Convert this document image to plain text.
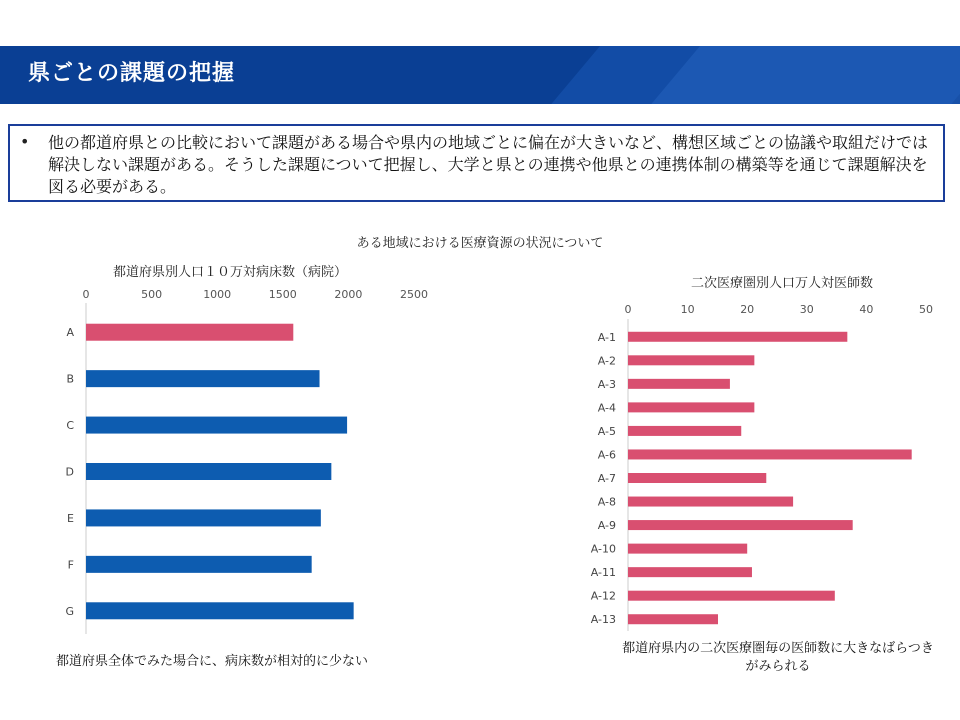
県ごとの課題の把握
• 他の都道府県との比較において課題がある場合や県内の地域ごとに偏在が大きいなど、構想区域ごとの協議や取組だけでは解決しない課題がある。そうした課題について把握し、大学と県との連携や他県との連携体制の構築等を通じて課題解決を図る必要がある。
ある地域における医療資源の状況について
都道府県別人口１０万対病床数（病院）
0	500	1000	1500	2000	2500
A
B
C
D
E
F
G
二次医療圏別人口万人対医師数
0	10	20	30	40	50
A-1
A-2
A-3
A-4
A-5
A-6
A-7
A-8
A-9
A-10
A-11
A-12
A-13
都道府県全体でみた場合に、病床数が相対的に少ない
都道府県内の二次医療圏毎の医師数に大きなばらつき
がみられる
